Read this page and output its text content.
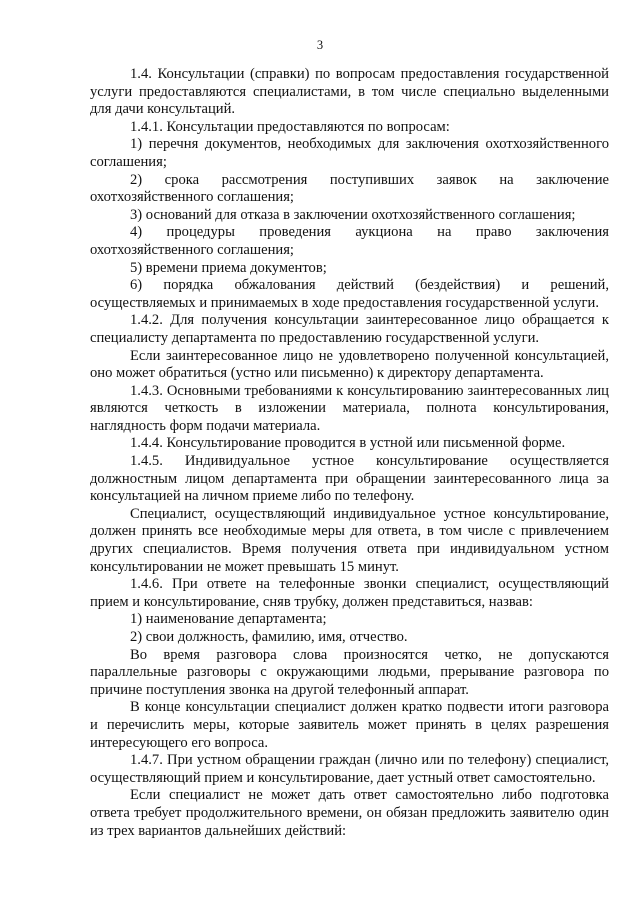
3

1.4. Консультации (справки) по вопросам предоставления государственной услуги предоставляются специалистами, в том числе специально выделенными для дачи консультаций.

1.4.1. Консультации предоставляются по вопросам:

1) перечня документов, необходимых для заключения охотхозяйственного соглашения;

2) срока рассмотрения поступивших заявок на заключение охотхозяйственного соглашения;

3) оснований для отказа в заключении охотхозяйственного соглашения;

4) процедуры проведения аукциона на право заключения охотхозяйственного соглашения;

5) времени приема документов;

6) порядка обжалования действий (бездействия) и решений, осуществляемых и принимаемых в ходе предоставления государственной услуги.

1.4.2. Для получения консультации заинтересованное лицо обращается к специалисту департамента по предоставлению государственной услуги.

Если заинтересованное лицо не удовлетворено полученной консультацией, оно может обратиться (устно или письменно) к директору департамента.

1.4.3. Основными требованиями к консультированию заинтересованных лиц являются четкость в изложении материала, полнота консультирования, наглядность форм подачи материала.

1.4.4. Консультирование проводится в устной или письменной форме.

1.4.5. Индивидуальное устное консультирование осуществляется должностным лицом департамента при обращении заинтересованного лица за консультацией на личном приеме либо по телефону.

Специалист, осуществляющий индивидуальное устное консультирование, должен принять все необходимые меры для ответа, в том числе с привлечением других специалистов. Время получения ответа при индивидуальном устном консультировании не может превышать 15 минут.

1.4.6. При ответе на телефонные звонки специалист, осуществляющий прием и консультирование, сняв трубку, должен представиться, назвав:

1) наименование департамента;

2) свои должность, фамилию, имя, отчество.

Во время разговора слова произносятся четко, не допускаются параллельные разговоры с окружающими людьми, прерывание разговора по причине поступления звонка на другой телефонный аппарат.

В конце консультации специалист должен кратко подвести итоги разговора и перечислить меры, которые заявитель может принять в целях разрешения интересующего его вопроса.

1.4.7. При устном обращении граждан (лично или по телефону) специалист, осуществляющий прием и консультирование, дает устный ответ самостоятельно.

Если специалист не может дать ответ самостоятельно либо подготовка ответа требует продолжительного времени, он обязан предложить заявителю один из трех вариантов дальнейших действий:
